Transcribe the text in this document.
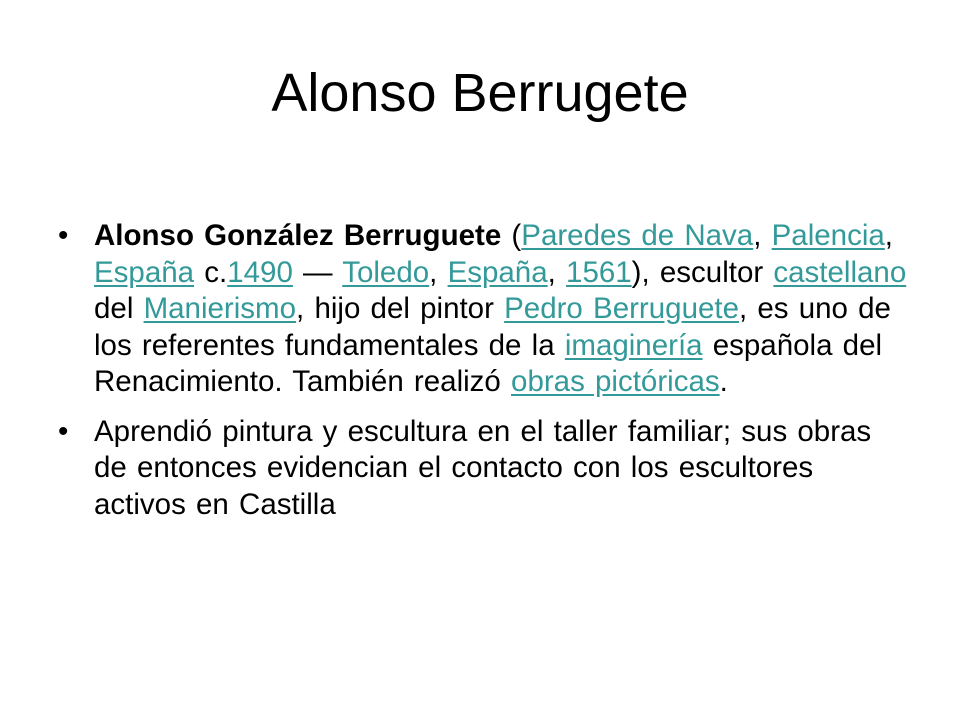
Alonso Berrugete
• Alonso González Berruguete (Paredes de Nava, Palencia, España c.1490 — Toledo, España, 1561), escultor castellano del Manierismo, hijo del pintor Pedro Berruguete, es uno de los referentes fundamentales de la imaginería española del Renacimiento. También realizó obras pictóricas.
• Aprendió pintura y escultura en el taller familiar; sus obras de entonces evidencian el contacto con los escultores activos en Castilla
